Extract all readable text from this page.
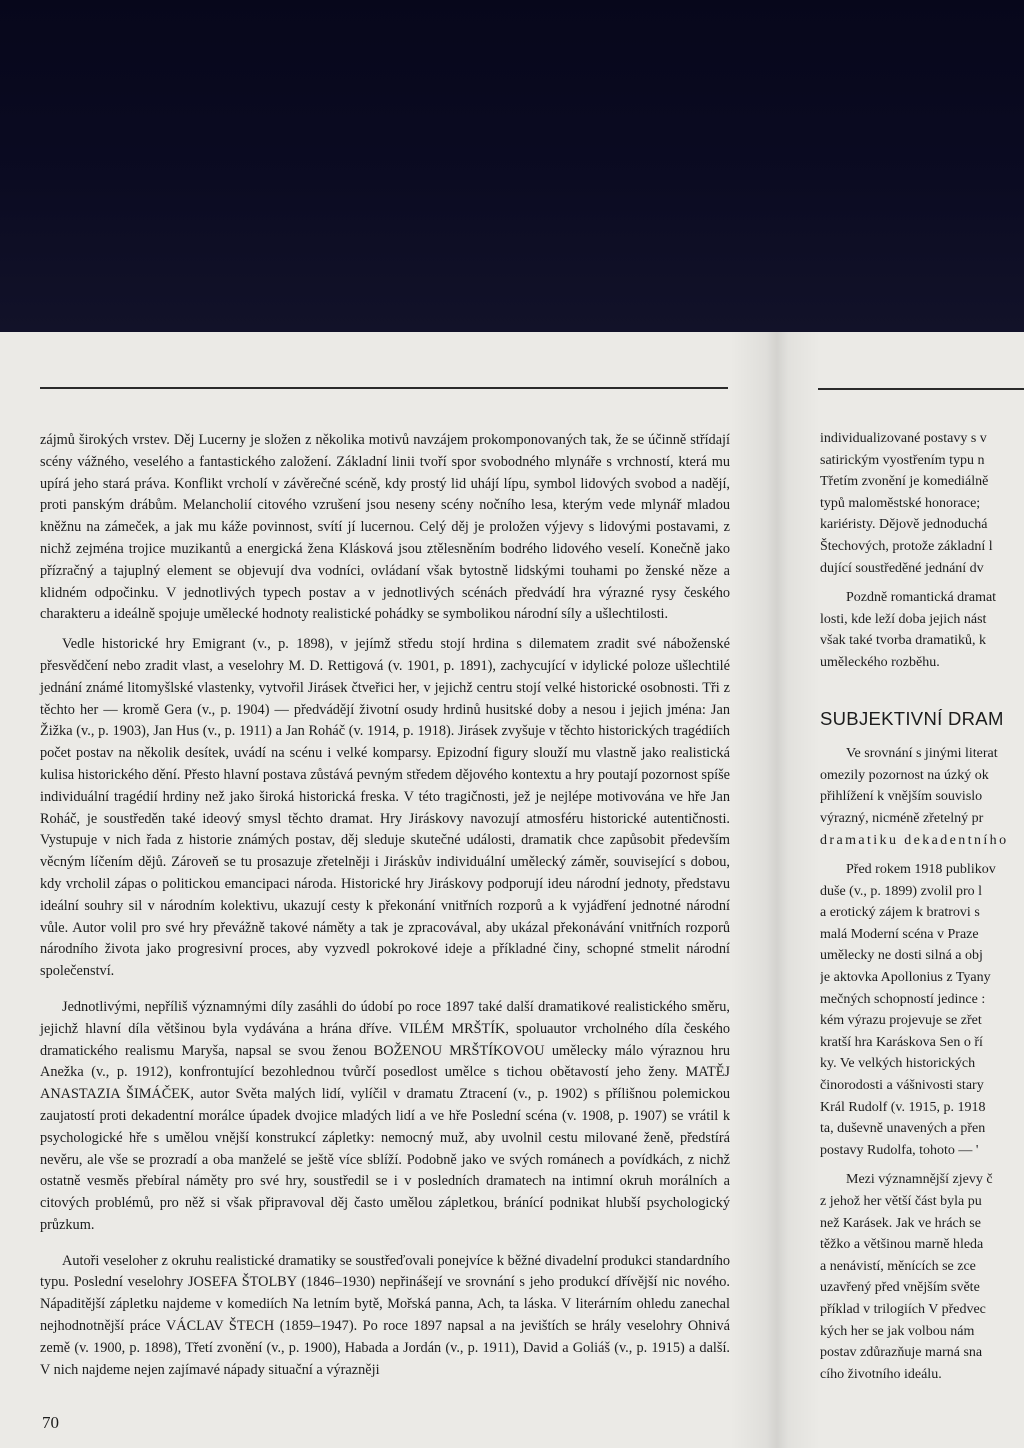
zájmů širokých vrstev. Děj Lucerny je složen z několika motivů navzájem prokomponovaných tak, že se účinně střídají scény vážného, veselého a fantastického založení. Základní linii tvoří spor svobodného mlynáře s vrchností, která mu upírá jeho stará práva. Konflikt vrcholí v závěrečné scéně, kdy prostý lid uhájí lípu, symbol lidových svobod a nadějí, proti panským drábům. Melancholií citového vzrušení jsou neseny scény nočního lesa, kterým vede mlynář mladou kněžnu na zámeček, a jak mu káže povinnost, svítí jí lucernou. Celý děj je proložen výjevy s lidovými postavami, z nichž zejména trojice muzikantů a energická žena Klásková jsou ztělesněním bodrého lidového veselí. Konečně jako přízračný a tajuplný element se objevují dva vodníci, ovládaní však bytostně lidskými touhami po ženské něze a klidném odpočinku. V jednotlivých typech postav a v jednotlivých scénách předvádí hra výrazné rysy českého charakteru a ideálně spojuje umělecké hodnoty realistické pohádky se symbolikou národní síly a ušlechtilosti.

Vedle historické hry Emigrant (v., p. 1898), v jejímž středu stojí hrdina s dilematem zradit své náboženské přesvědčení nebo zradit vlast, a veselohry M. D. Rettigová (v. 1901, p. 1891), zachycující v idylické poloze ušlechtilé jednání známé litomyšlské vlastenky, vytvořil Jirásek čtveřici her, v jejichž centru stojí velké historické osobnosti. Tři z těchto her — kromě Gera (v., p. 1904) — předvádějí životní osudy hrdinů husitské doby a nesou i jejich jména: Jan Žižka (v., p. 1903), Jan Hus (v., p. 1911) a Jan Roháč (v. 1914, p. 1918). Jirásek zvyšuje v těchto historických tragédiích počet postav na několik desítek, uvádí na scénu i velké komparsy. Epizodní figury slouží mu vlastně jako realistická kulisa historického dění. Přesto hlavní postava zůstává pevným středem dějového kontextu a hry poutají pozornost spíše individuální tragédií hrdiny než jako široká historická freska. V této tragičnosti, jež je nejlépe motivována ve hře Jan Roháč, je soustředěn také ideový smysl těchto dramat. Hry Jiráskovy navozují atmosféru historické autentičnosti. Vystupuje v nich řada z historie známých postav, děj sleduje skutečné události, dramatik chce zapůsobit především věcným líčením dějů. Zároveň se tu prosazuje zřetelněji i Jiráskův individuální umělecký záměr, související s dobou, kdy vrcholil zápas o politickou emancipaci národa. Historické hry Jiráskovy podporují ideu národní jednoty, představu ideální souhry sil v národním kolektivu, ukazují cesty k překonání vnitřních rozporů a k vyjádření jednotné národní vůle. Autor volil pro své hry převážně takové náměty a tak je zpracovával, aby ukázal překonávání vnitřních rozporů národního života jako progresivní proces, aby vyzvedl pokrokové ideje a příkladné činy, schopné stmelit národní společenství.

Jednotlivými, nepříliš významnými díly zasáhli do údobí po roce 1897 také další dramatikové realistického směru, jejichž hlavní díla většinou byla vydávána a hrána dříve. VILÉM MRŠTÍK, spoluautor vrcholného díla českého dramatického realismu Maryša, napsal se svou ženou BOŽENOU MRŠTÍKOVOU umělecky málo výraznou hru Anežka (v., p. 1912), konfrontující bezohlednou tvůrčí posedlost umělce s tichou obětavostí jeho ženy. MATĚJ ANASTAZIA ŠIMÁČEK, autor Světa malých lidí, vylíčil v dramatu Ztracení (v., p. 1902) s přílišnou polemickou zaujatostí proti dekadentní morálce úpadek dvojice mladých lidí a ve hře Poslední scéna (v. 1908, p. 1907) se vrátil k psychologické hře s umělou vnější konstrukcí zápletky: nemocný muž, aby uvolnil cestu milované ženě, předstírá nevěru, ale vše se prozradí a oba manželé se ještě více sblíží. Podobně jako ve svých románech a povídkách, z nichž ostatně vesměs přebíral náměty pro své hry, soustředil se i v posledních dramatech na intimní okruh morálních a citových problémů, pro něž si však připravoval děj často umělou zápletkou, bránící podnikat hlubší psychologický průzkum.

Autoři veseloher z okruhu realistické dramatiky se soustřeďovali ponejvíce k běžné divadelní produkci standardního typu. Poslední veselohry JOSEFA ŠTOLBY (1846–1930) nepřinášejí ve srovnání s jeho produkcí dřívější nic nového. Nápaditější zápletku najdeme v komediích Na letním bytě, Mořská panna, Ach, ta láska. V literárním ohledu zanechal nejhodnotnější práce VÁCLAV ŠTECH (1859–1947). Po roce 1897 napsal a na jevištích se hrály veselohry Ohnivá země (v. 1900, p. 1898), Třetí zvonění (v., p. 1900), Habada a Jordán (v., p. 1911), David a Goliáš (v., p. 1915) a další. V nich najdeme nejen zajímavé nápady situační a výrazněji

individualizované postavy s v
satirickým vyostřením typu n
Třetím zvonění je komediálně
typů maloměstské honorace;
kariéristy. Dějově jednoduchá
Štechových, protože základní l
dující soustředěné jednání dv
Pozdně romantická dramat
losti, kde leží doba jejich nást
však také tvorba dramatiků, k
uměleckého rozběhu.
SUBJEKTIVNÍ DRAM
Ve srovnání s jinými literat
omezily pozornost na úzký ok
přihlížení k vnějším souvislo
výrazný, nicméně zřetelný pr
dramatiku dekadentního
Před rokem 1918 publikov
duše (v., p. 1899) zvolil pro l
a erotický zájem k bratrovi s
malá Moderní scéna v Praze
umělecky ne dosti silná a obj
je aktovka Apollonius z Tyany
mečných schopností jedince :
kém výrazu projevuje se zřet
kratší hra Karáskova Sen o ří
ky. Ve velkých historických
činorodosti a vášnivosti stary
Král Rudolf (v. 1915, p. 1918
ta, duševně unavených a přen
postavy Rudolfa, tohoto — '
Mezi významnější zjevy č
z jehož her větší část byla pu
než Karásek. Jak ve hrách se
těžko a většinou marně hleda
a nenávistí, měnících se zce
uzavřený před vnějším světe
příklad v trilogiích V předvec
kých her se jak volbou nám
postav zdůrazňuje marná sna
cího životního ideálu.
70
